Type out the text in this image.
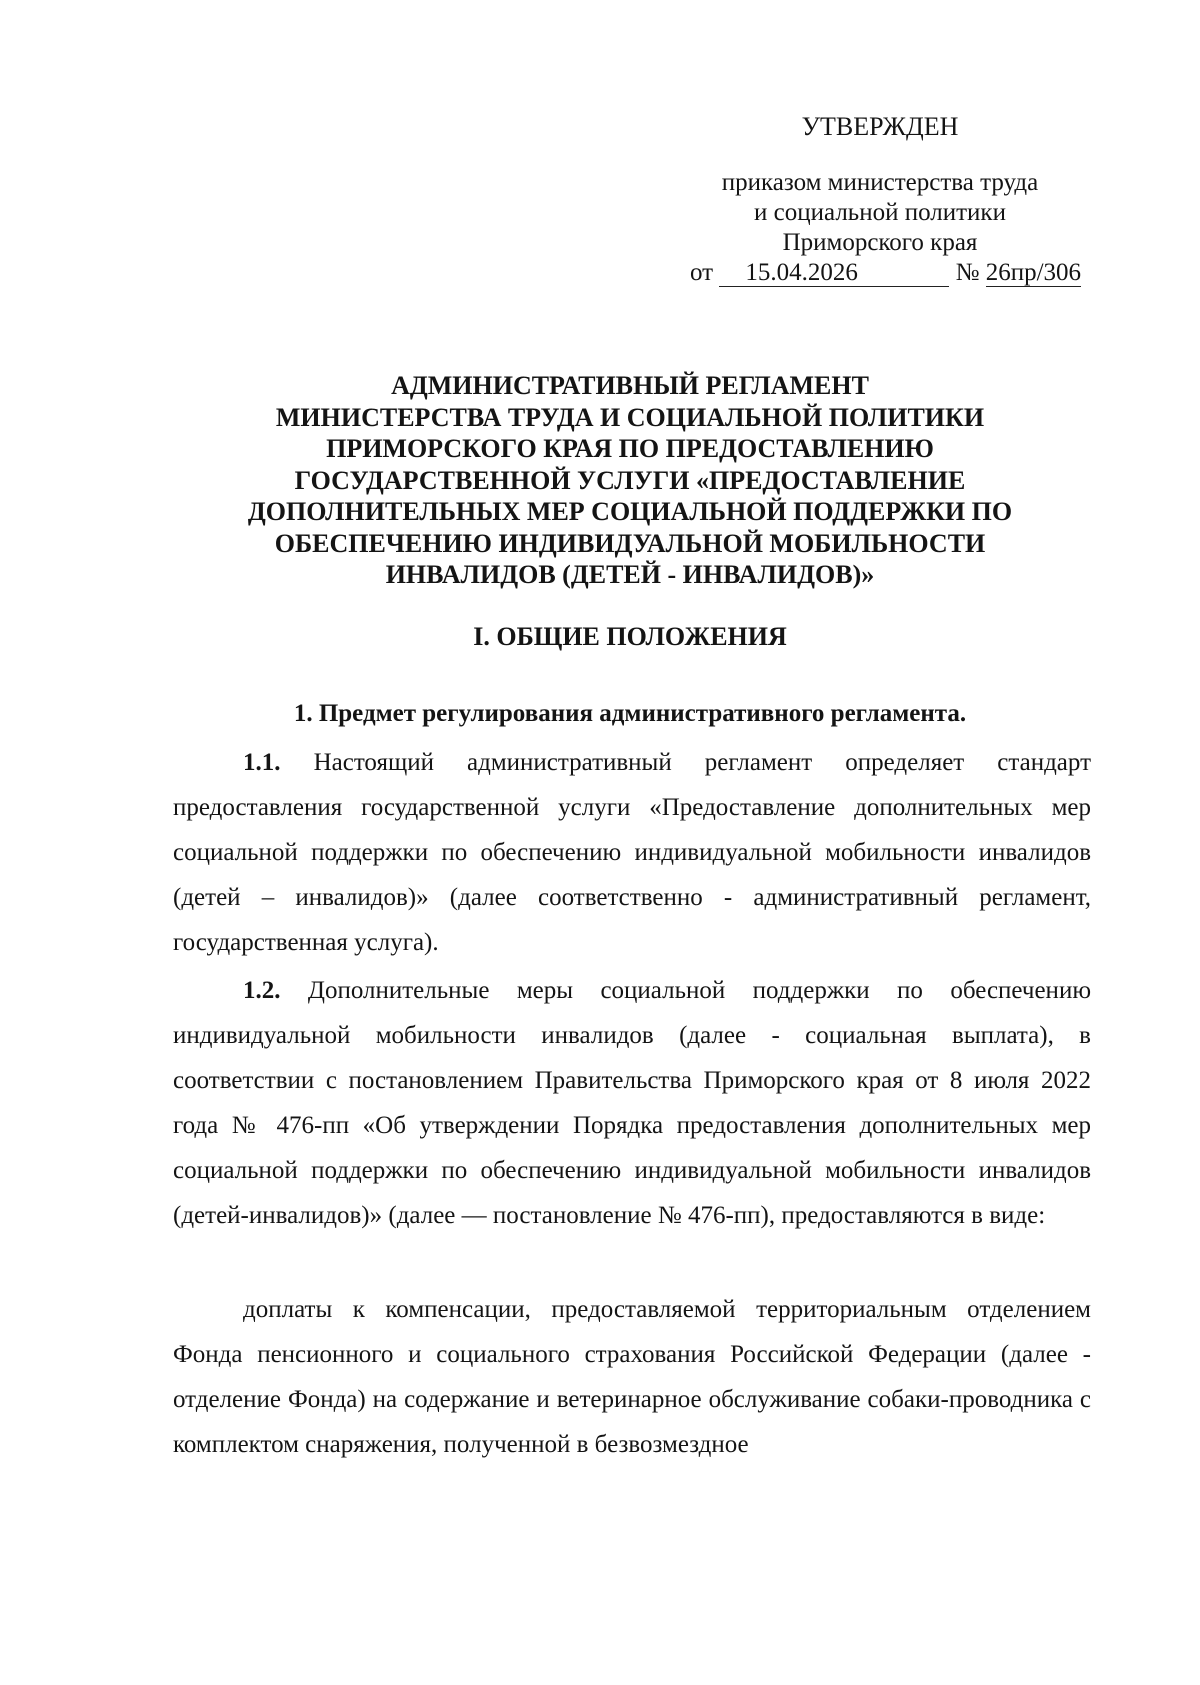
УТВЕРЖДЕН
приказом министерства труда
и социальной политики
Приморского края
от 15.04.2026	№ 26пр/306
АДМИНИСТРАТИВНЫЙ РЕГЛАМЕНТ
МИНИСТЕРСТВА ТРУДА И СОЦИАЛЬНОЙ ПОЛИТИКИ
ПРИМОРСКОГО КРАЯ ПО ПРЕДОСТАВЛЕНИЮ
ГОСУДАРСТВЕННОЙ УСЛУГИ «ПРЕДОСТАВЛЕНИЕ
ДОПОЛНИТЕЛЬНЫХ МЕР СОЦИАЛЬНОЙ ПОДДЕРЖКИ ПО
ОБЕСПЕЧЕНИЮ ИНДИВИДУАЛЬНОЙ МОБИЛЬНОСТИ
ИНВАЛИДОВ (ДЕТЕЙ - ИНВАЛИДОВ)»
I. ОБЩИЕ ПОЛОЖЕНИЯ
1. Предмет регулирования административного регламента.

1.1. Настоящий административный регламент определяет стандарт предоставления государственной услуги «Предоставление дополнительных мер социальной поддержки по обеспечению индивидуальной мобильности инвалидов (детей – инвалидов)» (далее соответственно - административный регламент, государственная услуга).

1.2. Дополнительные меры социальной поддержки по обеспечению индивидуальной мобильности инвалидов (далее - социальная выплата), в соответствии с постановлением Правительства Приморского края от 8 июля 2022 года № 476-пп «Об утверждении Порядка предоставления дополнительных мер социальной поддержки по обеспечению индивидуальной мобильности инвалидов (детей-инвалидов)» (далее — постановление № 476-пп), предоставляются в виде:

доплаты к компенсации, предоставляемой территориальным отделением Фонда пенсионного и социального страхования Российской Федерации (далее - отделение Фонда) на содержание и ветеринарное обслуживание собаки-проводника с комплектом снаряжения, полученной в безвозмездное
